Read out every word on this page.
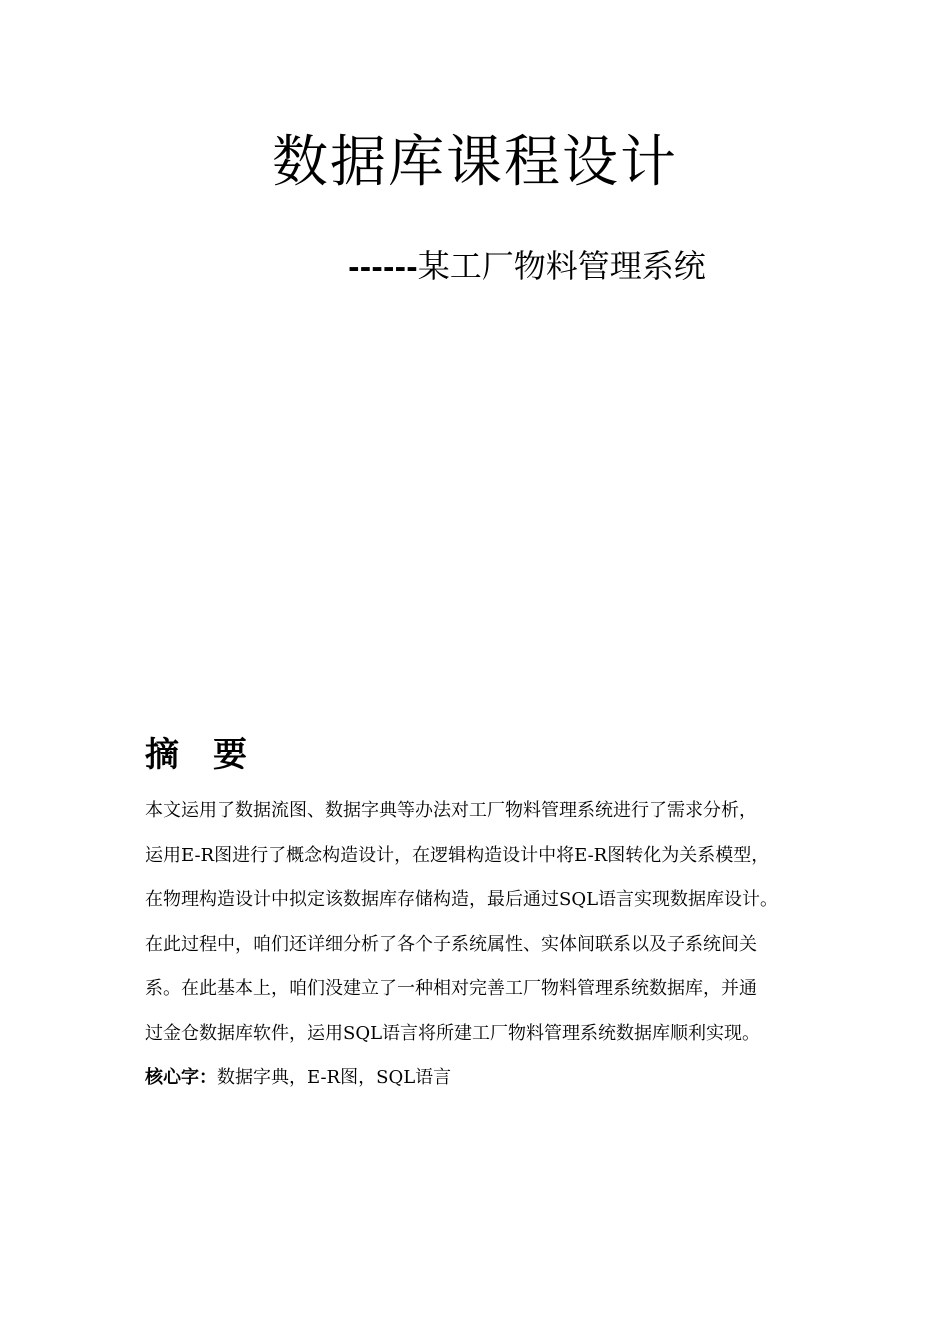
数据库课程设计

------某工厂物料管理系统

摘 要
本文运用了数据流图、数据字典等办法对工厂物料管理系统进行了需求分析，
运用E-R图进行了概念构造设计，在逻辑构造设计中将E-R图转化为关系模型，
在物理构造设计中拟定该数据库存储构造，最后通过SQL语言实现数据库设计。
在此过程中，咱们还详细分析了各个子系统属性、实体间联系以及子系统间关
系。在此基本上，咱们没建立了一种相对完善工厂物料管理系统数据库，并通
过金仓数据库软件，运用SQL语言将所建工厂物料管理系统数据库顺利实现。

核心字：数据字典，E-R图，SQL语言
